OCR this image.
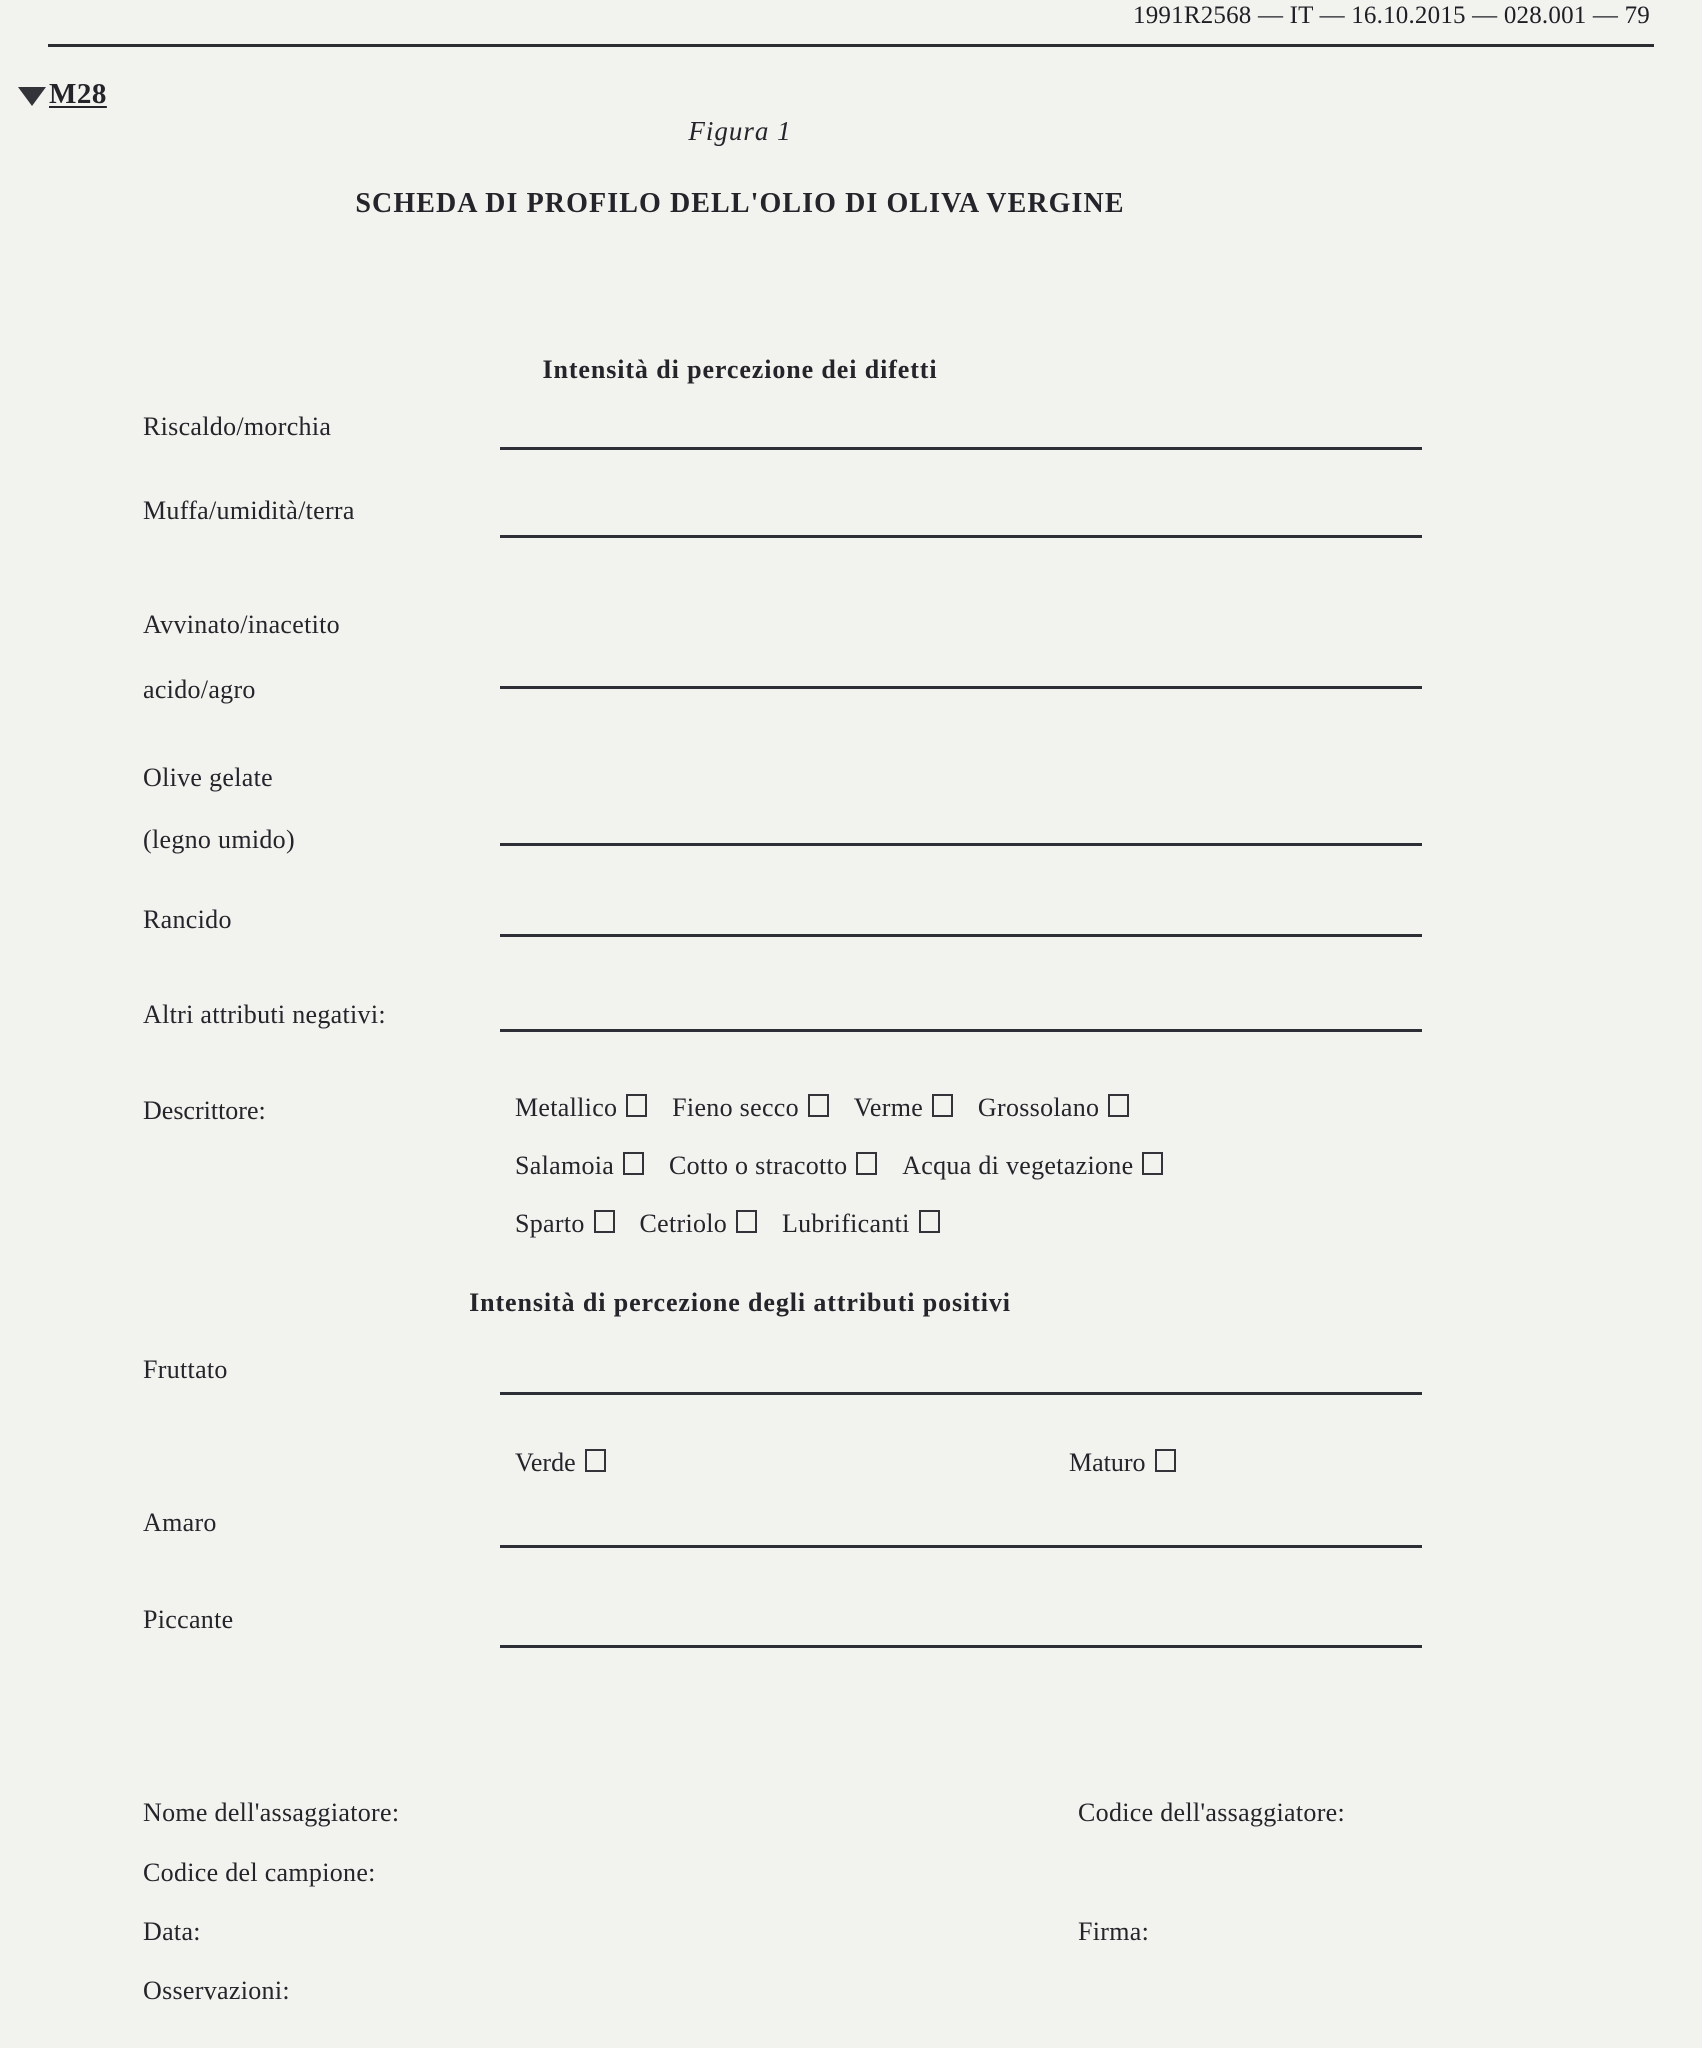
1991R2568 — IT — 16.10.2015 — 028.001 — 79
M28
Figura 1
SCHEDA DI PROFILO DELL'OLIO DI OLIVA VERGINE
Intensità di percezione dei difetti
Riscaldo/morchia
Muffa/umidità/terra
Avvinato/inacetito
acido/agro
Olive gelate
(legno umido)
Rancido
Altri attributi negativi:
Descrittore:	Metallico Fieno secco Verme Grossolano
Salamoia Cotto o stracotto Acqua di vegetazione
Sparto Cetriolo Lubrificanti
Intensità di percezione degli attributi positivi
Fruttato
Verde	Maturo
Amaro
Piccante
Nome dell'assaggiatore:
Codice del campione:
Data:
Osservazioni:
Codice dell'assaggiatore:
Firma:
